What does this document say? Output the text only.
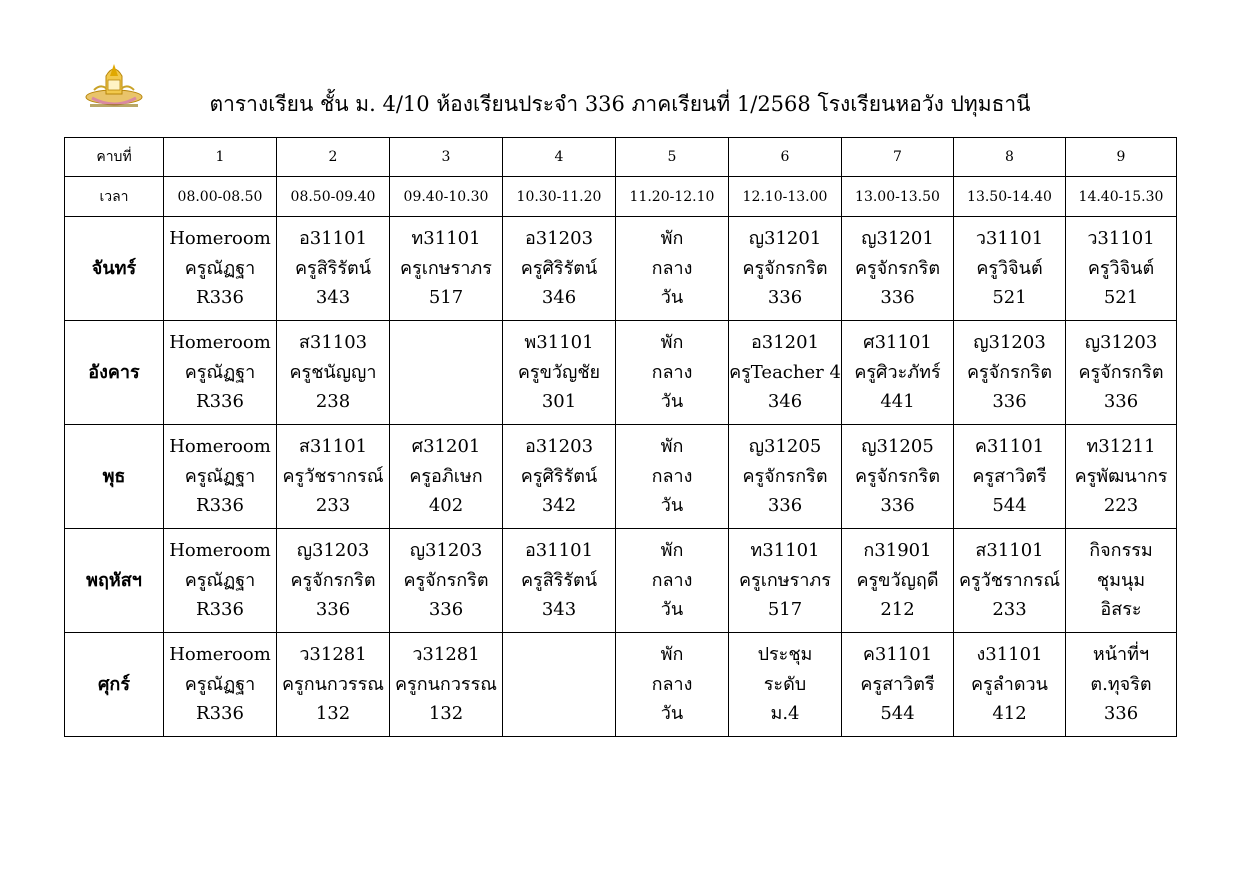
ตารางเรียน ชั้น ม. 4/10 ห้องเรียนประจำ 336 ภาคเรียนที่ 1/2568 โรงเรียนหอวัง ปทุมธานี
คาบที่	1	2	3	4	5	6	7	8	9
เวลา	08.00-08.50	08.50-09.40	09.40-10.30	10.30-11.20	11.20-12.10	12.10-13.00	13.00-13.50	13.50-14.40	14.40-15.30
จันทร์	Homeroom
ครูณัฏฐา
R336	อ31101
ครูสิริรัตน์
343	ท31101
ครูเกษราภร
517	อ31203
ครูศิริรัตน์
346	พัก
กลาง
วัน	ญ31201
ครูจักรกริต
336	ญ31201
ครูจักรกริต
336	ว31101
ครูวิจินต์
521	ว31101
ครูวิจินต์
521

อังคาร	Homeroom
ครูณัฏฐา
R336	ส31103
ครูชนัญญา
238		พ31101
ครูขวัญชัย
301	พัก
กลาง
วัน	อ31201
ครูTeacher 4
346	ศ31101
ครูศิวะภัทร์
441	ญ31203
ครูจักรกริต
336	ญ31203
ครูจักรกริต
336

พุธ	Homeroom
ครูณัฏฐา
R336	ส31101
ครูวัชรากรณ์
233	ศ31201
ครูอภิเษก
402	อ31203
ครูศิริรัตน์
342	พัก
กลาง
วัน	ญ31205
ครูจักรกริต
336	ญ31205
ครูจักรกริต
336	ค31101
ครูสาวิตรี
544	ท31211
ครูพัฒนากร
223

พฤหัสฯ	Homeroom
ครูณัฏฐา
R336	ญ31203
ครูจักรกริต
336	ญ31203
ครูจักรกริต
336	อ31101
ครูสิริรัตน์
343	พัก
กลาง
วัน	ท31101
ครูเกษราภร
517	ก31901
ครูขวัญฤดี
212	ส31101
ครูวัชรากรณ์
233	กิจกรรม
ชุมนุม
อิสระ

ศุกร์	Homeroom
ครูณัฏฐา
R336	ว31281
ครูกนกวรรณ
132	ว31281
ครูกนกวรรณ
132		พัก
กลาง
วัน	ประชุม
ระดับ
ม.4	ค31101
ครูสาวิตรี
544	ง31101
ครูลำดวน
412	หน้าที่ฯ
ต.ทุจริต
336
